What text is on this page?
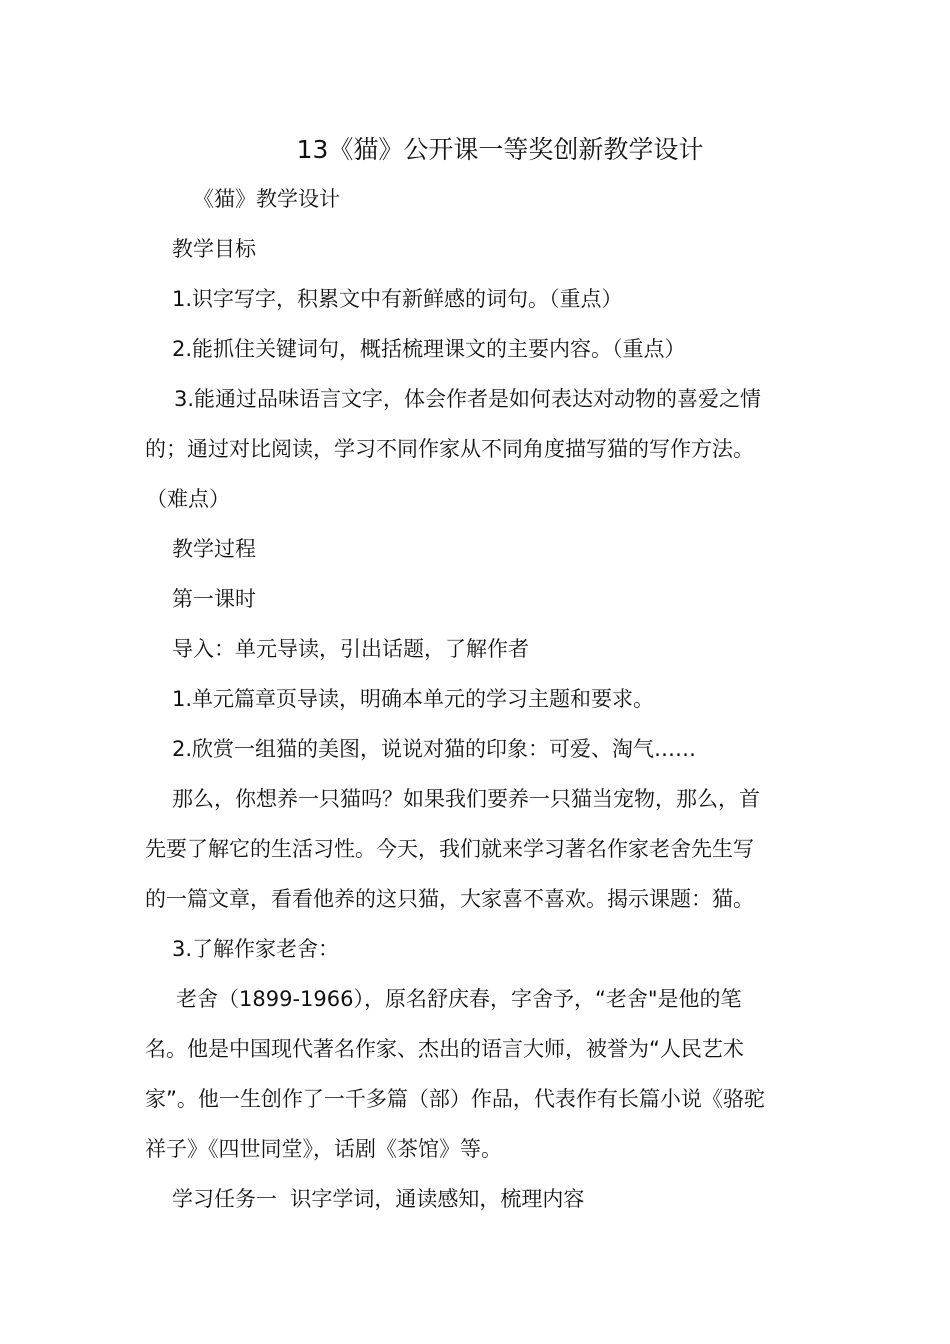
13《猫》公开课一等奖创新教学设计
《猫》教学设计
教学目标
1.识字写字，积累文中有新鲜感的词句。（重点）
2.能抓住关键词句，概括梳理课文的主要内容。（重点）
3.能通过品味语言文字，体会作者是如何表达对动物的喜爱之情
的；通过对比阅读，学习不同作家从不同角度描写猫的写作方法。
（难点）
教学过程
第一课时
导入：单元导读，引出话题，了解作者
1.单元篇章页导读，明确本单元的学习主题和要求。
2.欣赏一组猫的美图，说说对猫的印象：可爱、淘气……
那么，你想养一只猫吗？如果我们要养一只猫当宠物，那么，首
先要了解它的生活习性。今天，我们就来学习著名作家老舍先生写
的一篇文章，看看他养的这只猫，大家喜不喜欢。揭示课题：猫。
3.了解作家老舍：
老舍（1899-1966），原名舒庆春，字舍予，“老舍"是他的笔
名。他是中国现代著名作家、杰出的语言大师，被誉为“人民艺术
家”。他一生创作了一千多篇（部）作品，代表作有长篇小说《骆驼
祥子》《四世同堂》，话剧《茶馆》等。
学习任务一  识字学词，通读感知，梳理内容
